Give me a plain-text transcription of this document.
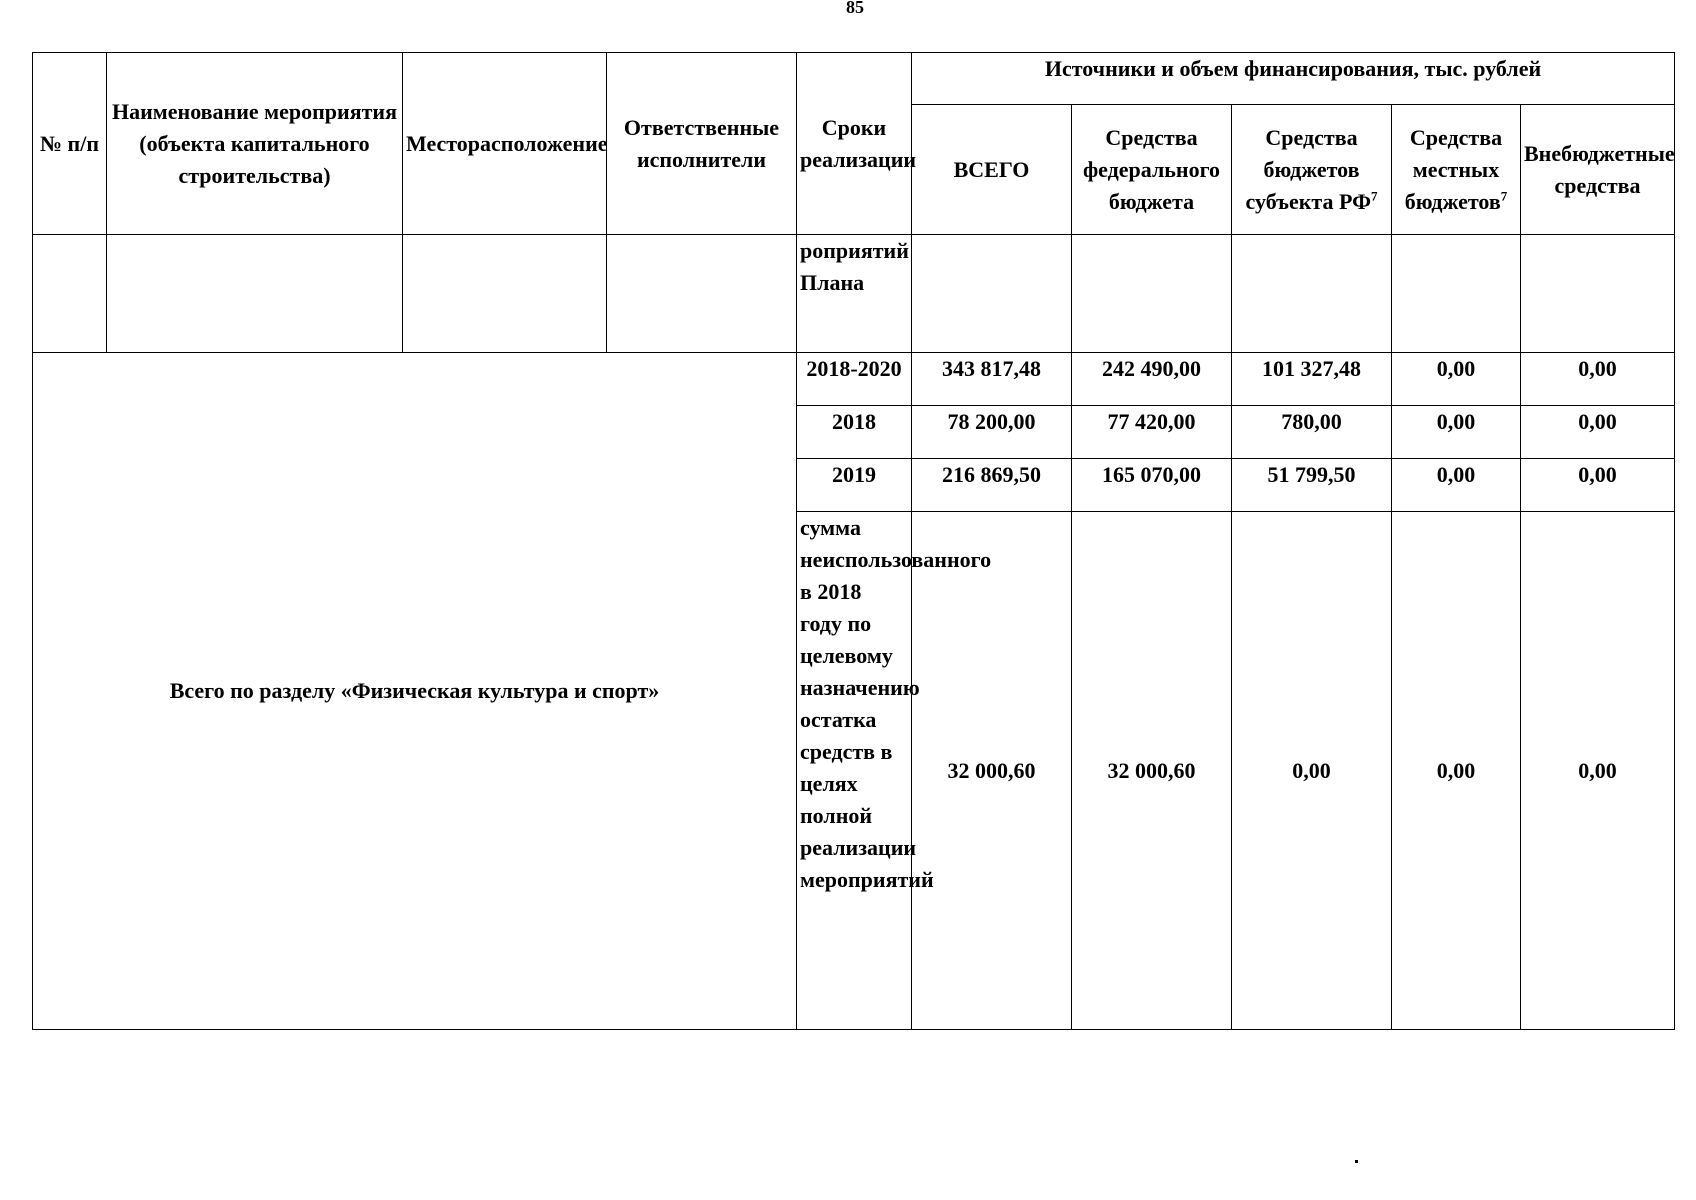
85
№ п/п	Наименование мероприятия (объекта капитального строительства)	Месторасположение	Ответственные исполнители	Сроки реализации	Источники и объем финансирования, тыс. рублей				
					ВСЕГО	Средства федерального бюджета	Средства бюджетов субъекта $РФ^7$	Средства местных бюджетов$^7$	Внебюджетные средства
				роприятий Плана					
Всего по разделу «Физическая культура и спорт»				2018-2020	343 817,48	242 490,00	101 327,48	0,00	0,00
				2018	78 200,00	77 420,00	780,00	0,00	0,00
				2019	216 869,50	165 070,00	51 799,50	0,00	0,00
				сумма неиспользованного в 2018 году по целевому назначению остатка средств в целях полной реализации мероприятий	32 000,60	32 000,60	0,00	0,00	0,00
